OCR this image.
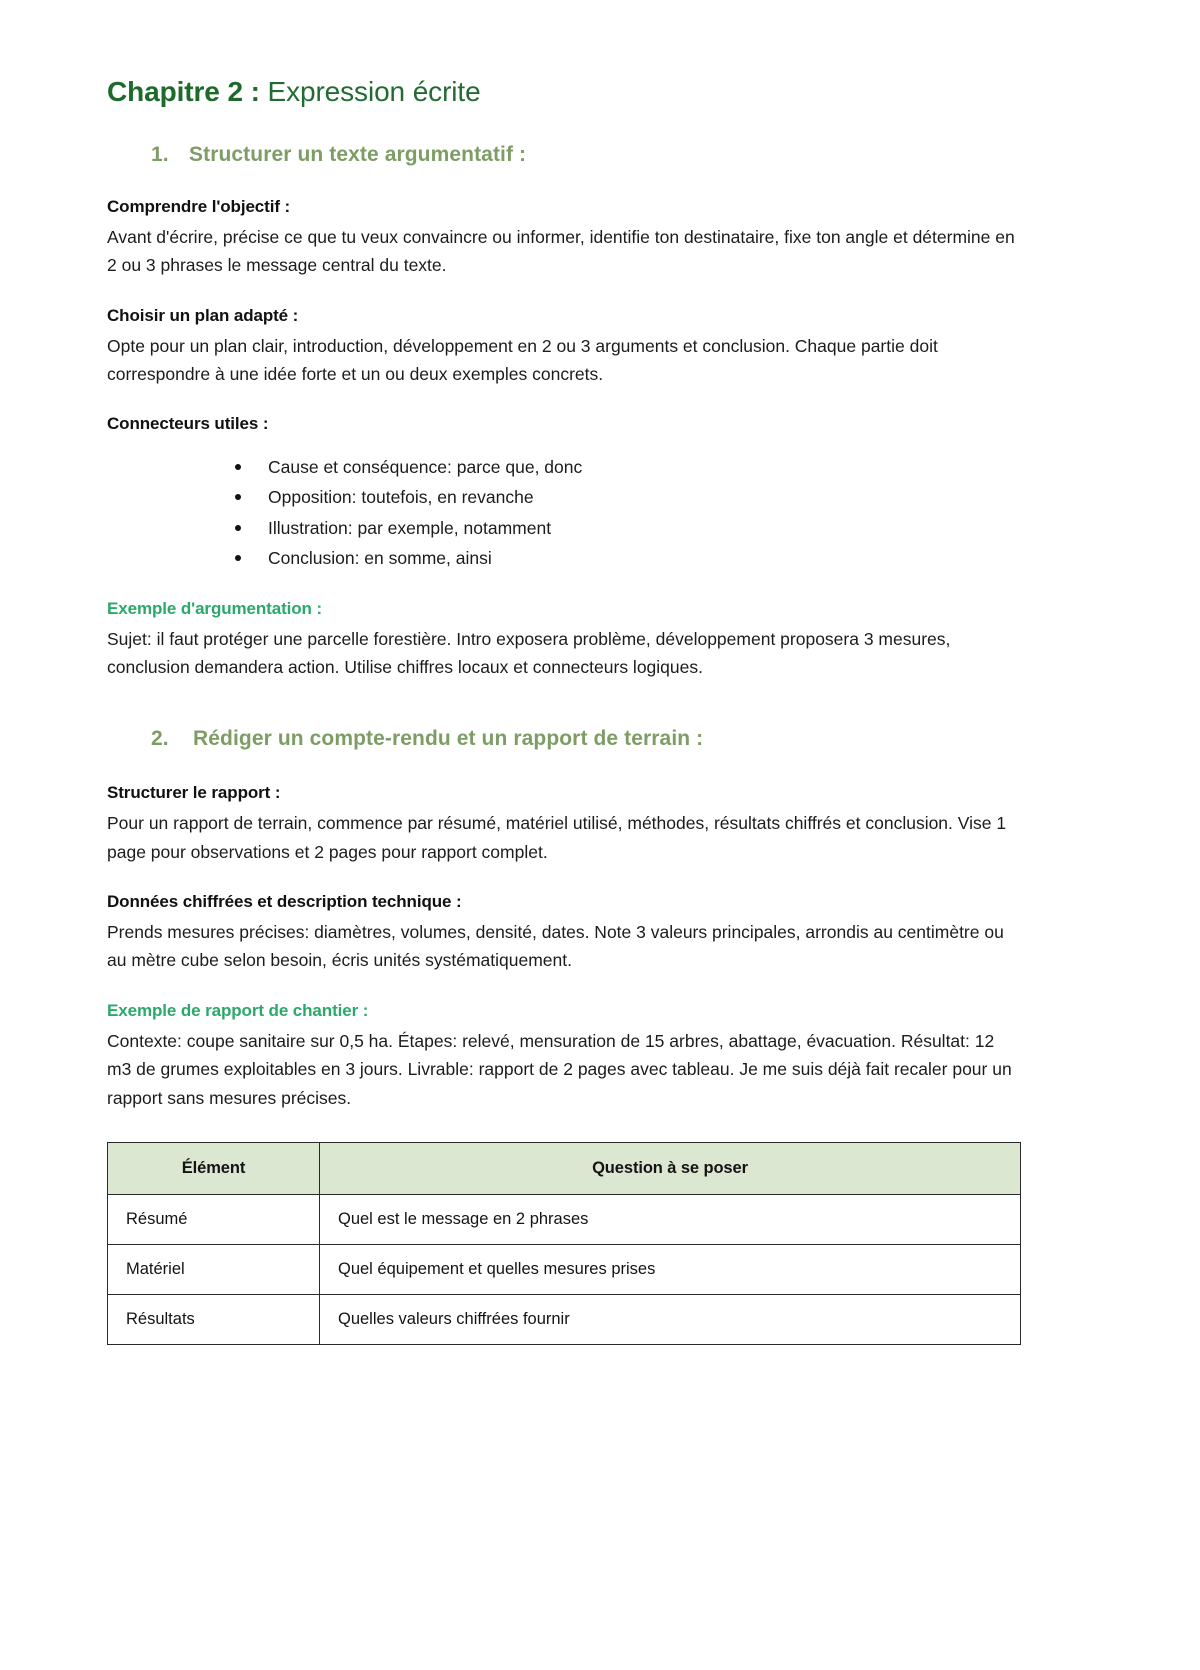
Chapitre 2 : Expression écrite
1. Structurer un texte argumentatif :
Comprendre l'objectif :

Avant d'écrire, précise ce que tu veux convaincre ou informer, identifie ton destinataire, fixe ton angle et détermine en 2 ou 3 phrases le message central du texte.

Choisir un plan adapté :

Opte pour un plan clair, introduction, développement en 2 ou 3 arguments et conclusion. Chaque partie doit correspondre à une idée forte et un ou deux exemples concrets.

Connecteurs utiles :
Cause et conséquence: parce que, donc
Opposition: toutefois, en revanche
Illustration: par exemple, notamment
Conclusion: en somme, ainsi
Exemple d'argumentation :

Sujet: il faut protéger une parcelle forestière. Intro exposera problème, développement proposera 3 mesures, conclusion demandera action. Utilise chiffres locaux et connecteurs logiques.

2.	Rédiger un compte-rendu et un rapport de terrain :
Structurer le rapport :

Pour un rapport de terrain, commence par résumé, matériel utilisé, méthodes, résultats chiffrés et conclusion. Vise 1 page pour observations et 2 pages pour rapport complet.

Données chiffrées et description technique :

Prends mesures précises: diamètres, volumes, densité, dates. Note 3 valeurs principales, arrondis au centimètre ou au mètre cube selon besoin, écris unités systématiquement.

Exemple de rapport de chantier :

Contexte: coupe sanitaire sur 0,5 ha. Étapes: relevé, mensuration de 15 arbres, abattage, évacuation. Résultat: 12 m3 de grumes exploitables en 3 jours. Livrable: rapport de 2 pages avec tableau. Je me suis déjà fait recaler pour un rapport sans mesures précises.

Élément	Question à se poser
Résumé	Quel est le message en 2 phrases
Matériel	Quel équipement et quelles mesures prises
Résultats	Quelles valeurs chiffrées fournir
